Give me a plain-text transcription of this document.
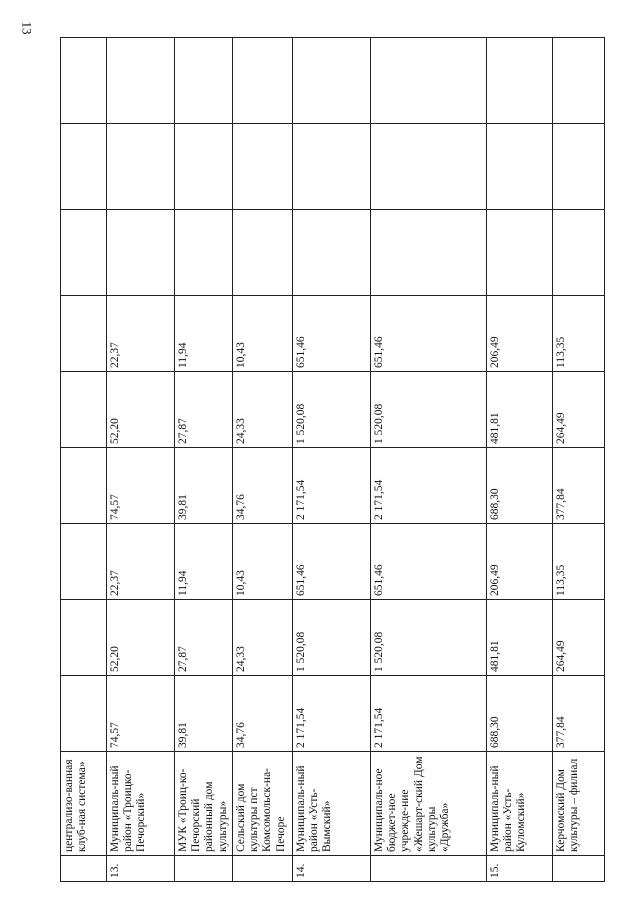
13
	централизо-ванная клуб-ная система»									
13.	Муниципаль-ный район «Троицко-Печорский»	74,57	52,20	22,37	74,57	52,20	22,37			
	МУК «Троиц-ко-Печорский районный дом культуры»	39,81	27,87	11,94	39,81	27,87	11,94			
	Сельский дом культуры пст Комсомольск-на-Печоре	34,76	24,33	10,43	34,76	24,33	10,43			
14.	Муниципаль-ный район «Усть-Вымский»	2 171,54	1 520,08	651,46	2 171,54	1 520,08	651,46			
	Муниципаль-ное бюджет-ное учрежде-ние «Жешарт-ский Дом культуры «Дружба»	2 171,54	1 520,08	651,46	2 171,54	1 520,08	651,46			
15.	Муниципаль-ный район «Усть-Куломский»	688,30	481,81	206,49	688,30	481,81	206,49			
	Керчомский Дом культуры – филиал	377,84	264,49	113,35	377,84	264,49	113,35			
